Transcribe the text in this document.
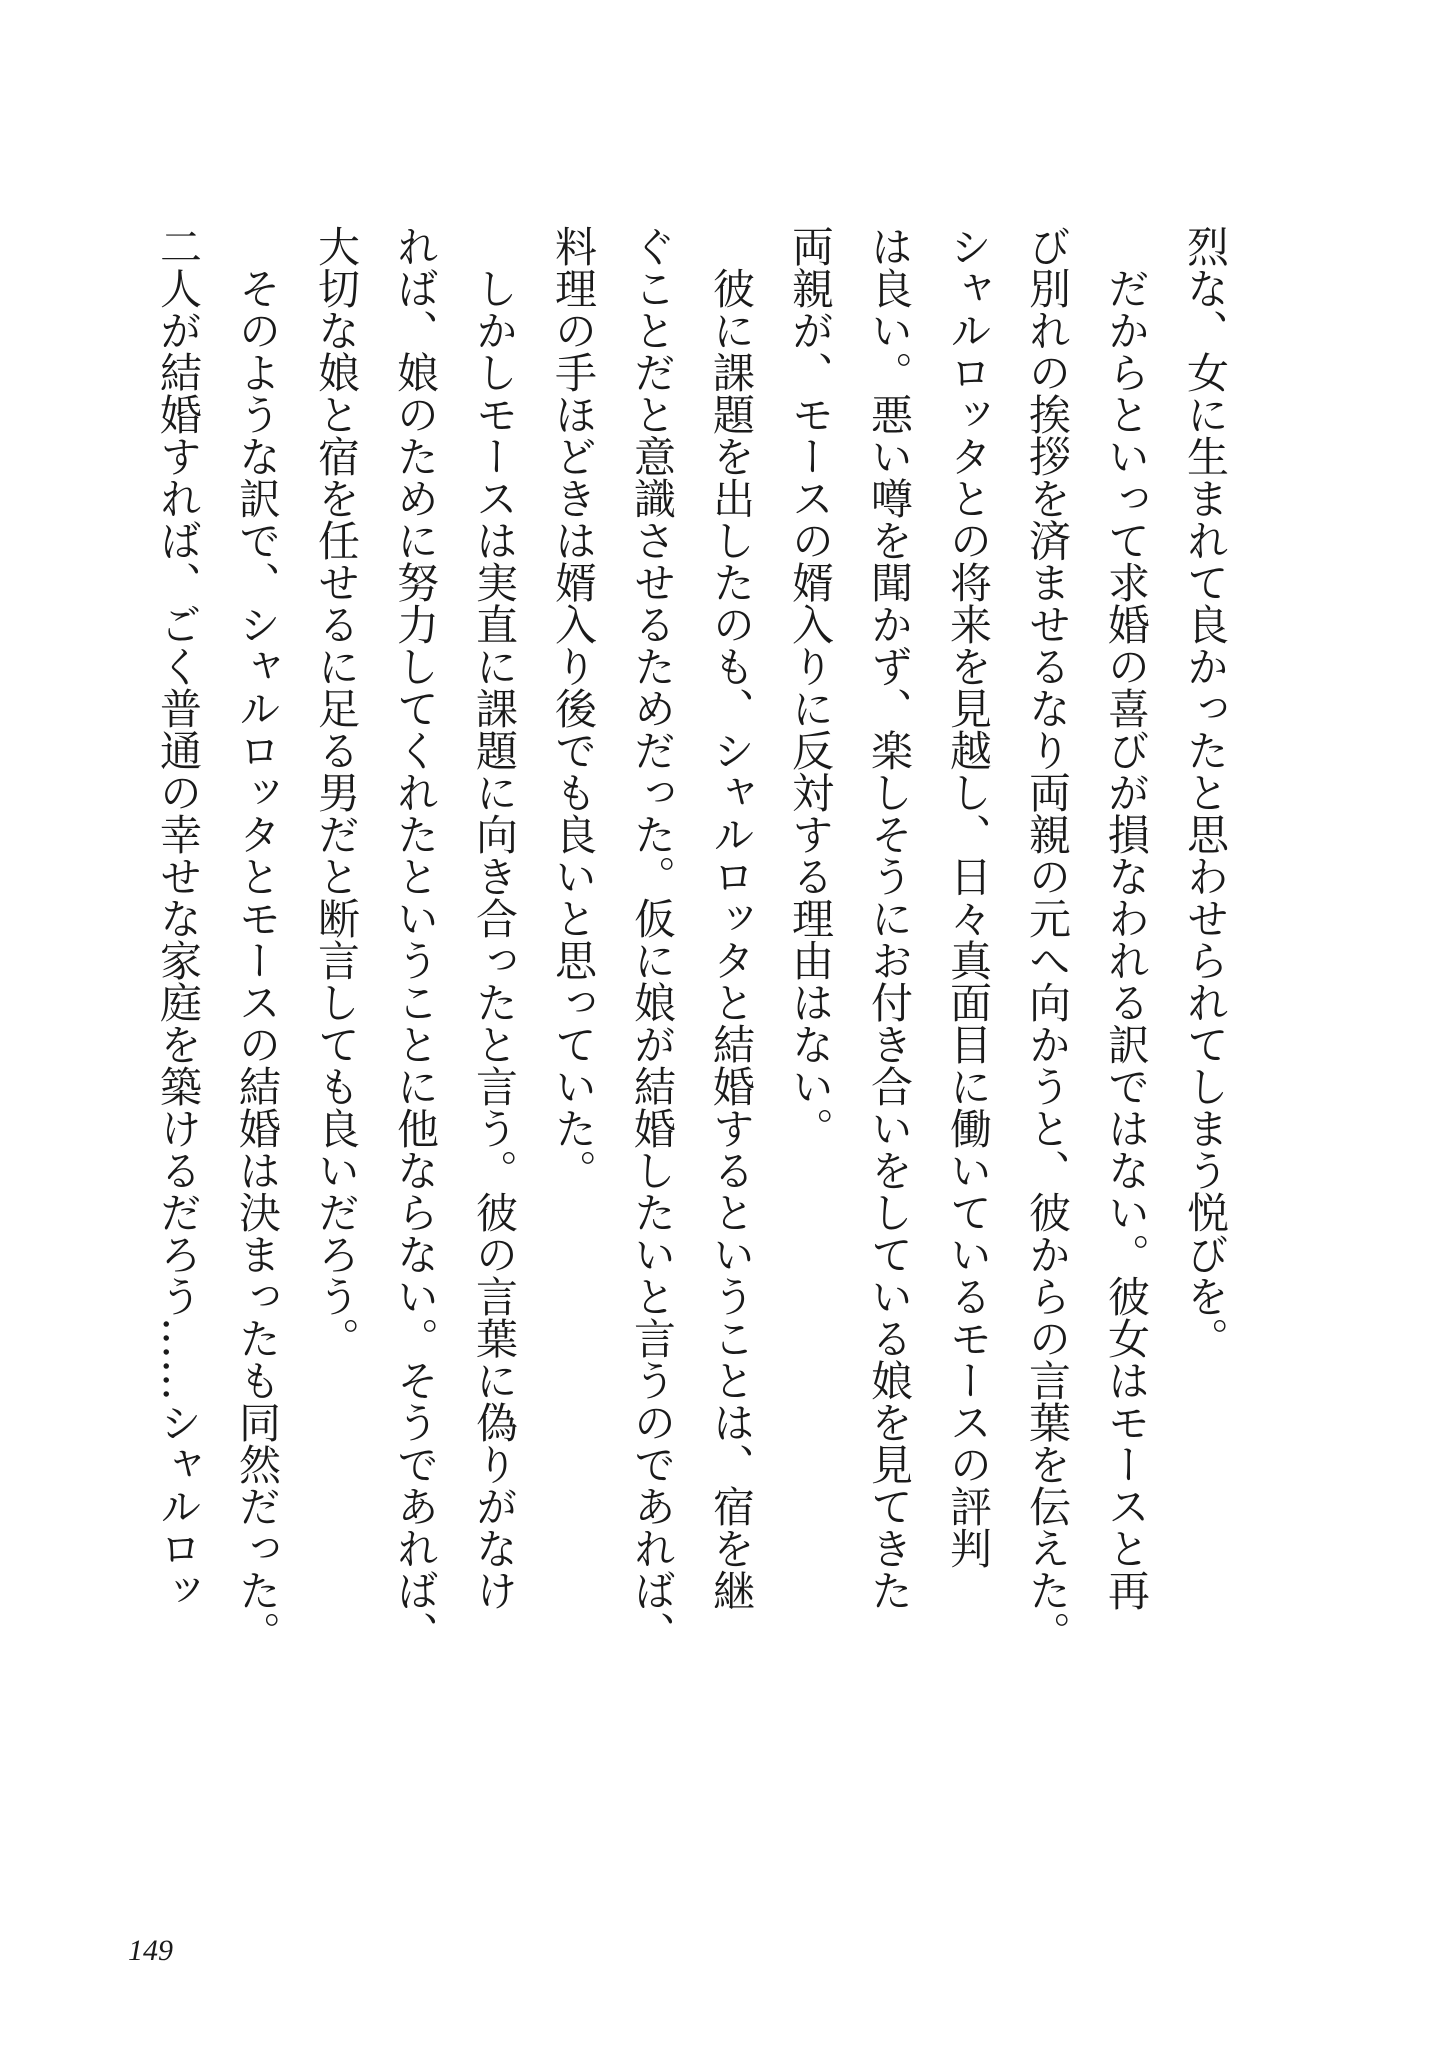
烈な、女に生まれて良かったと思わせられてしまう悦びを。
　だからといって求婚の喜びが損なわれる訳ではない。彼女はモースと再
び別れの挨拶を済ませるなり両親の元へ向かうと、彼からの言葉を伝えた。
シャルロッタとの将来を見越し、日々真面目に働いているモースの評判
は良い。悪い噂を聞かず、楽しそうにお付き合いをしている娘を見てきた
両親が、モースの婿入りに反対する理由はない。
　彼に課題を出したのも、シャルロッタと結婚するということは、宿を継
ぐことだと意識させるためだった。仮に娘が結婚したいと言うのであれば、
料理の手ほどきは婿入り後でも良いと思っていた。
　しかしモースは実直に課題に向き合ったと言う。彼の言葉に偽りがなけ
れば、娘のために努力してくれたということに他ならない。そうであれば、
大切な娘と宿を任せるに足る男だと断言しても良いだろう。
　そのような訳で、シャルロッタとモースの結婚は決まったも同然だった。
二人が結婚すれば、ごく普通の幸せな家庭を築けるだろう……シャルロッ
149
